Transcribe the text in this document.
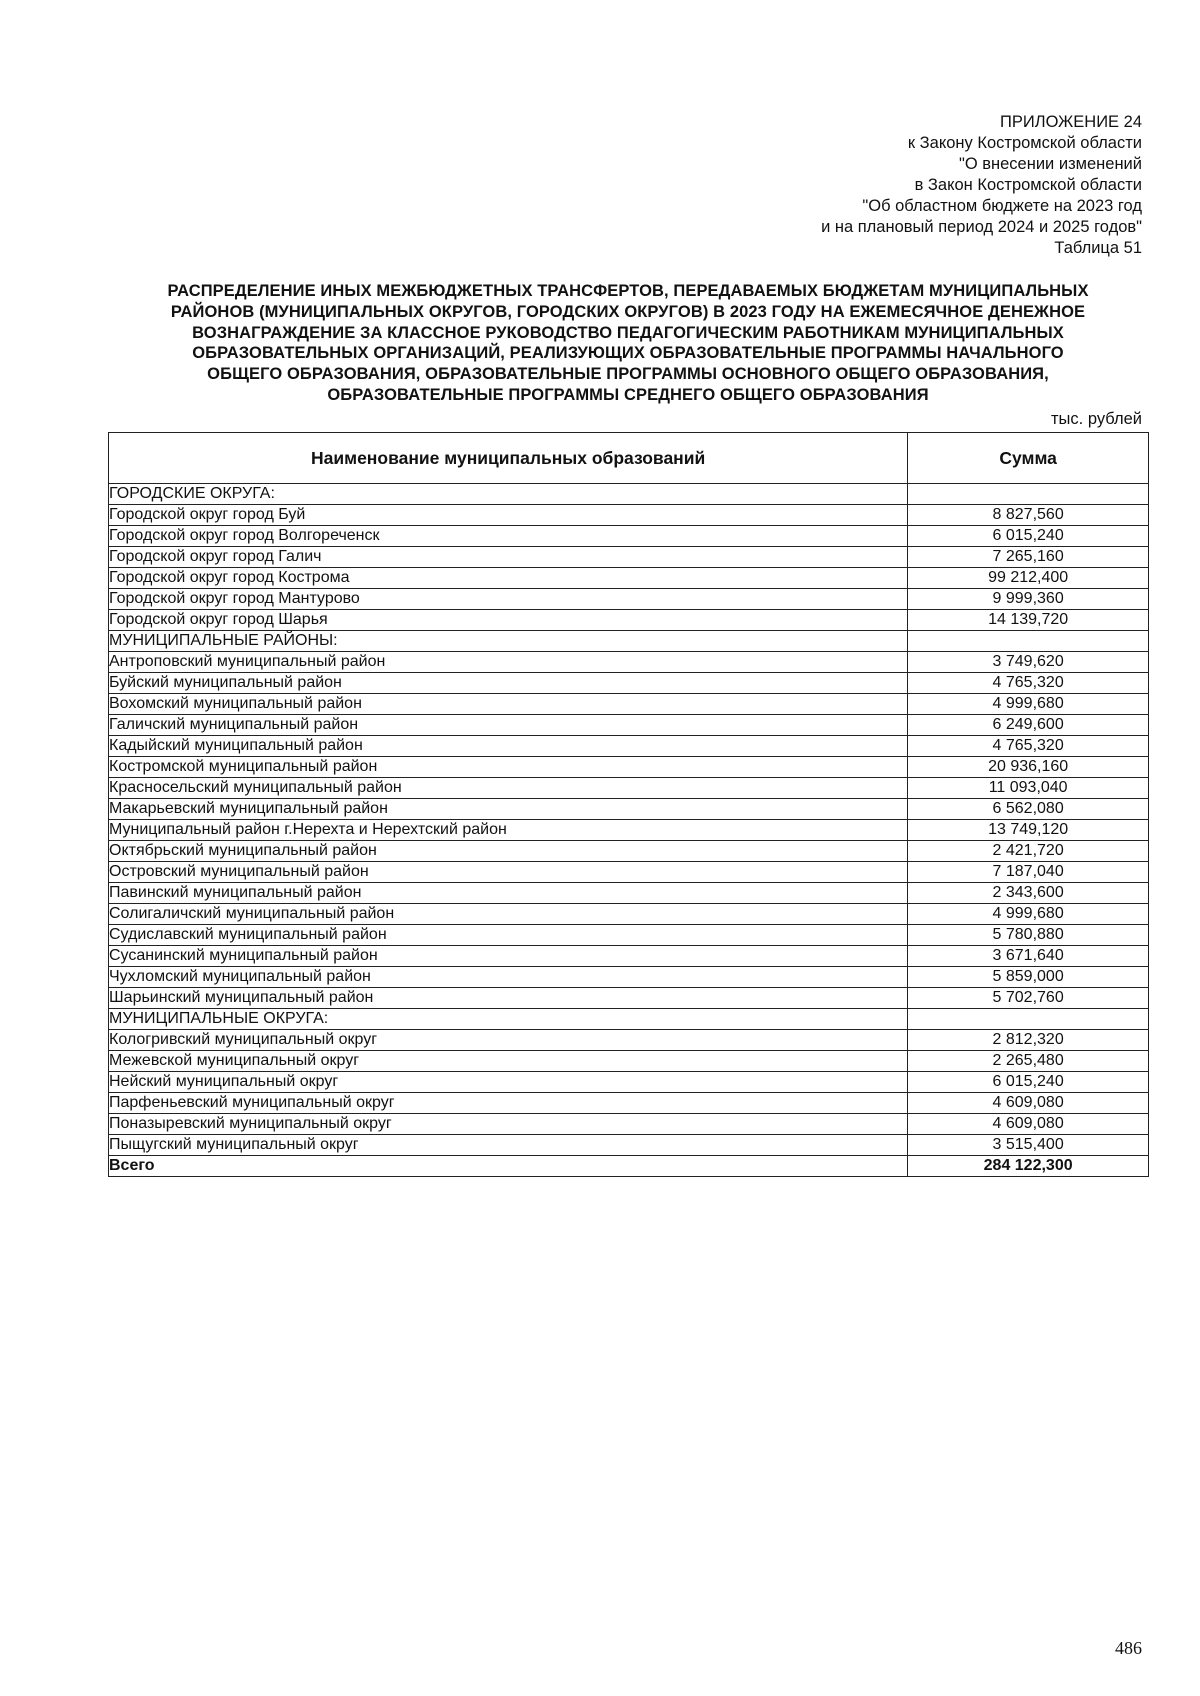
ПРИЛОЖЕНИЕ 24
к Закону Костромской области
"О внесении изменений
в Закон Костромской области
"Об областном бюджете на 2023 год
и на плановый период 2024 и 2025 годов"
Таблица 51
РАСПРЕДЕЛЕНИЕ ИНЫХ МЕЖБЮДЖЕТНЫХ ТРАНСФЕРТОВ, ПЕРЕДАВАЕМЫХ БЮДЖЕТАМ МУНИЦИПАЛЬНЫХ
РАЙОНОВ (МУНИЦИПАЛЬНЫХ ОКРУГОВ, ГОРОДСКИХ ОКРУГОВ) В 2023 ГОДУ НА ЕЖЕМЕСЯЧНОЕ ДЕНЕЖНОЕ
ВОЗНАГРАЖДЕНИЕ ЗА КЛАССНОЕ РУКОВОДСТВО ПЕДАГОГИЧЕСКИМ РАБОТНИКАМ МУНИЦИПАЛЬНЫХ
ОБРАЗОВАТЕЛЬНЫХ ОРГАНИЗАЦИЙ, РЕАЛИЗУЮЩИХ ОБРАЗОВАТЕЛЬНЫЕ ПРОГРАММЫ НАЧАЛЬНОГО
ОБЩЕГО ОБРАЗОВАНИЯ, ОБРАЗОВАТЕЛЬНЫЕ ПРОГРАММЫ ОСНОВНОГО ОБЩЕГО ОБРАЗОВАНИЯ,
ОБРАЗОВАТЕЛЬНЫЕ ПРОГРАММЫ СРЕДНЕГО ОБЩЕГО ОБРАЗОВАНИЯ
тыс. рублей
Наименование муниципальных образований	Сумма
ГОРОДСКИЕ ОКРУГА:	
Городской округ город Буй	8 827,560
Городской округ город Волгореченск	6 015,240
Городской округ город Галич	7 265,160
Городской округ город Кострома	99 212,400
Городской округ город Мантурово	9 999,360
Городской округ город Шарья	14 139,720
МУНИЦИПАЛЬНЫЕ РАЙОНЫ:	
Антроповский муниципальный район	3 749,620
Буйский муниципальный район	4 765,320
Вохомский муниципальный район	4 999,680
Галичский муниципальный район	6 249,600
Кадыйский муниципальный район	4 765,320
Костромской муниципальный район	20 936,160
Красносельский муниципальный район	11 093,040
Макарьевский муниципальный район	6 562,080
Муниципальный район г.Нерехта и Нерехтский район	13 749,120
Октябрьский муниципальный район	2 421,720
Островский муниципальный район	7 187,040
Павинский муниципальный район	2 343,600
Солигаличский муниципальный район	4 999,680
Судиславский муниципальный район	5 780,880
Сусанинский муниципальный район	3 671,640
Чухломский муниципальный район	5 859,000
Шарьинский муниципальный район	5 702,760
МУНИЦИПАЛЬНЫЕ ОКРУГА:	
Кологривский муниципальный округ	2 812,320
Межевской муниципальный округ	2 265,480
Нейский муниципальный округ	6 015,240
Парфеньевский муниципальный округ	4 609,080
Поназыревский муниципальный округ	4 609,080
Пыщугский муниципальный округ	3 515,400
Всего	284 122,300
486
